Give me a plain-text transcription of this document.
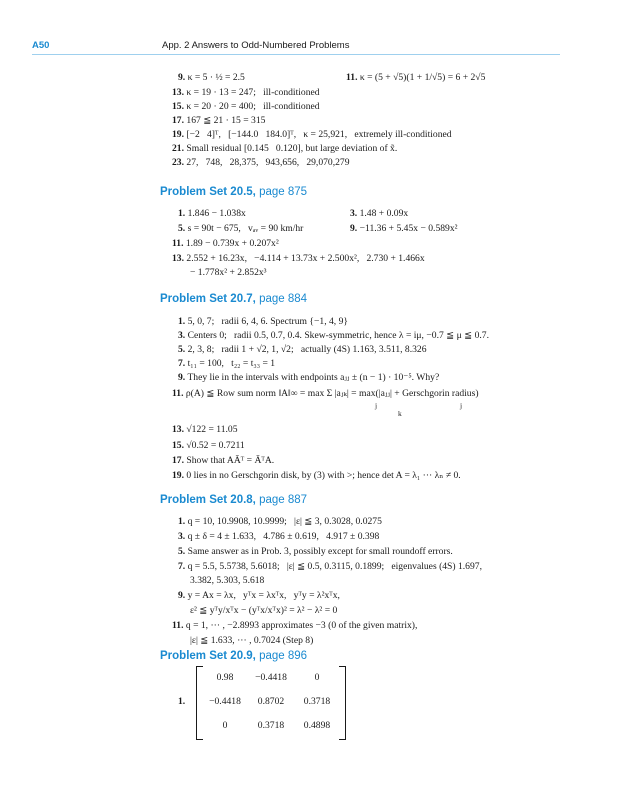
A50	App. 2 Answers to Odd-Numbered Problems
9. κ = 5 · ½ = 2.5	11. κ = (5 + √5)(1 + 1/√5) = 6 + 2√5
13. κ = 19 · 13 = 247;   ill-conditioned
15. κ = 20 · 20 = 400;   ill-conditioned
17. 167 ≦ 21 · 15 = 315
19. [−2   4]ᵀ,   [−144.0   184.0]ᵀ,   κ = 25,921,   extremely ill-conditioned
21. Small residual [0.145   0.120], but large deviation of x̃.
23. 27,   748,   28,375,   943,656,   29,070,279
Problem Set 20.5, page 875
1. 1.846 − 1.038x	3. 1.48 + 0.09x
5. s = 90t − 675,   vₐᵥ = 90 km/hr	9. −11.36 + 5.45x − 0.589x²
11. 1.89 − 0.739x + 0.207x²
13. 2.552 + 16.23x,   −4.114 + 13.73x + 2.500x²,   2.730 + 1.466x
− 1.778x² + 2.852x³
Problem Set 20.7, page 884
1. 5, 0, 7;   radii 6, 4, 6. Spectrum {−1, 4, 9}
3. Centers 0;   radii 0.5, 0.7, 0.4. Skew-symmetric, hence λ = iμ, −0.7 ≦ μ ≦ 0.7.
5. 2, 3, 8;   radii 1 + √2, 1, √2;   actually (4S) 1.163, 3.511, 8.326
7. t₁₁ = 100,   t₂₂ = t₃₃ = 1
9. They lie in the intervals with endpoints aⱼⱼ ± (n − 1) · 10⁻⁵. Why?
11. ρ(A) ≦ Row sum norm ‖A‖∞ = max Σ |aⱼₖ| = max(|aⱼⱼ| + Gerschgorin radius)
j
k
j
13. √122 = 11.05
15. √0.52 = 0.7211
17. Show that AĀᵀ = ĀᵀA.
19. 0 lies in no Gerschgorin disk, by (3) with >; hence det A = λ₁ ··· λₙ ≠ 0.
Problem Set 20.8, page 887
1. q = 10, 10.9908, 10.9999;   |ε| ≦ 3, 0.3028, 0.0275
3. q ± δ = 4 ± 1.633,   4.786 ± 0.619,   4.917 ± 0.398
5. Same answer as in Prob. 3, possibly except for small roundoff errors.
7. q = 5.5, 5.5738, 5.6018;   |ε| ≦ 0.5, 0.3115, 0.1899;   eigenvalues (4S) 1.697,
3.382, 5.303, 5.618
9. y = Ax = λx,   yᵀx = λxᵀx,   yᵀy = λ²xᵀx,
ε² ≦ yᵀy/xᵀx − (yᵀx/xᵀx)² = λ² − λ² = 0
11. q = 1, ··· , −2.8993 approximates −3 (0 of the given matrix),
|ε| ≦ 1.633, ··· , 0.7024 (Step 8)
Problem Set 20.9, page 896
1.
0.98	−0.4418	0
−0.4418	0.8702	0.3718
0	0.3718	0.4898
